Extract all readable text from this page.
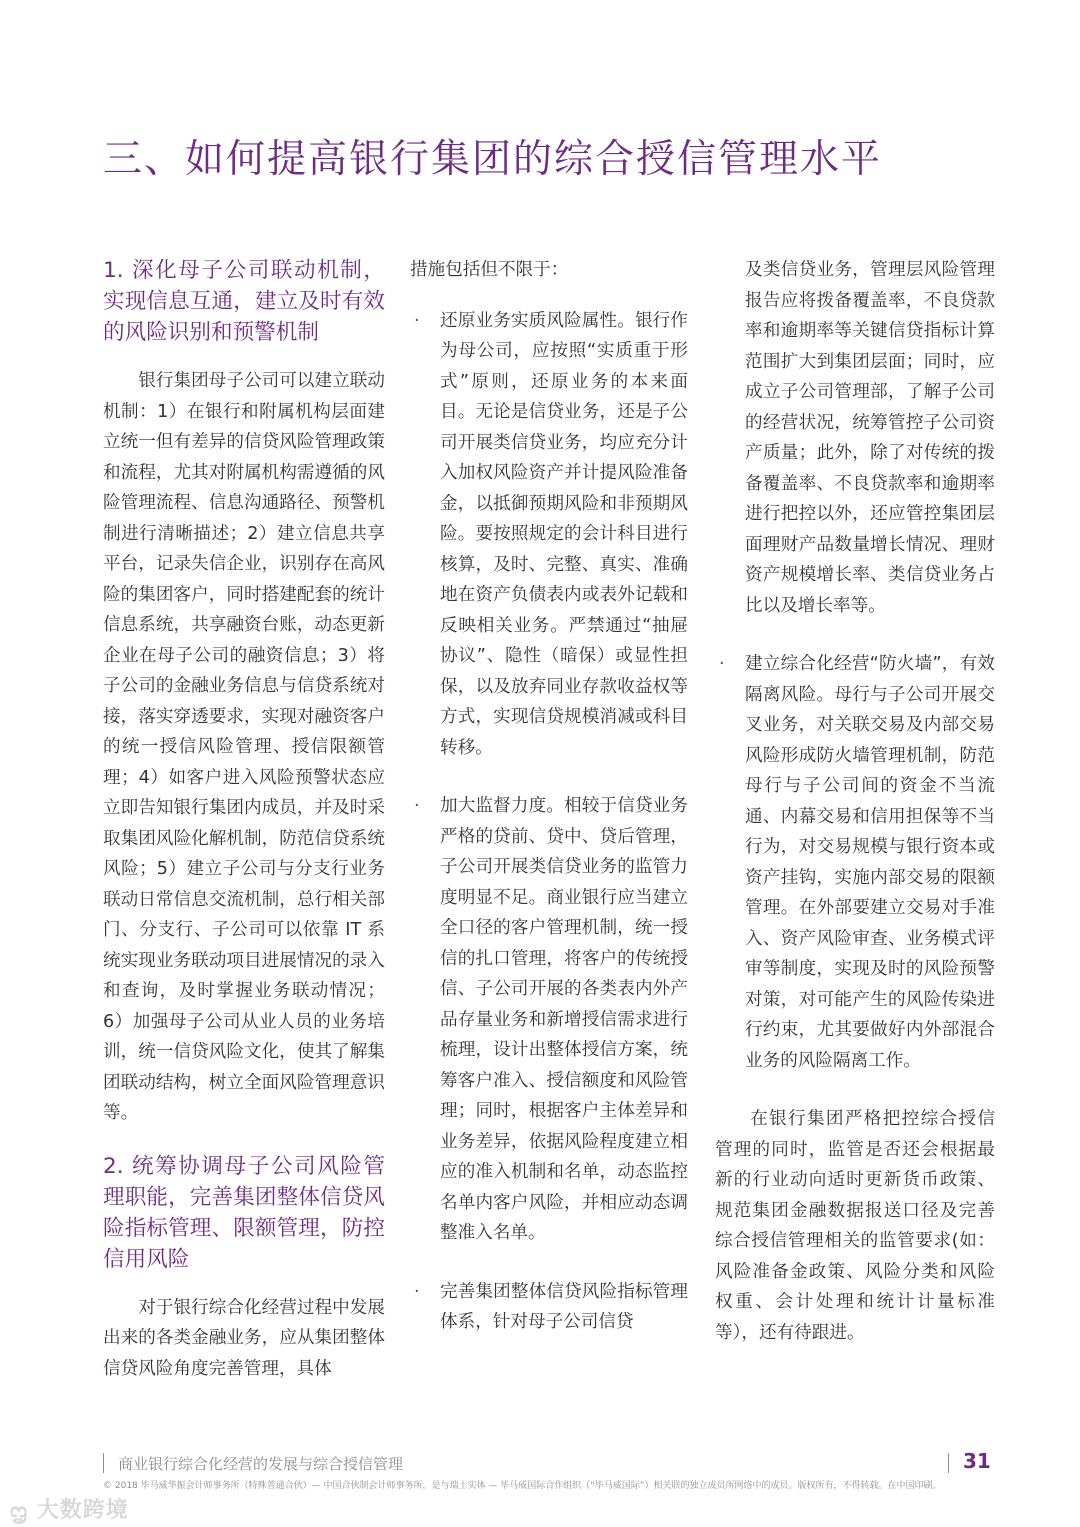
三、如何提高银行集团的综合授信管理水平
1. 深化母子公司联动机制，实现信息互通，建立及时有效的风险识别和预警机制

银行集团母子公司可以建立联动机制：1）在银行和附属机构层面建立统一但有差异的信贷风险管理政策和流程，尤其对附属机构需遵循的风险管理流程、信息沟通路径、预警机制进行清晰描述；2）建立信息共享平台，记录失信企业，识别存在高风险的集团客户，同时搭建配套的统计信息系统，共享融资台账，动态更新企业在母子公司的融资信息；3）将子公司的金融业务信息与信贷系统对接，落实穿透要求，实现对融资客户的统一授信风险管理、授信限额管理；4）如客户进入风险预警状态应立即告知银行集团内成员，并及时采取集团风险化解机制，防范信贷系统风险；5）建立子公司与分支行业务联动日常信息交流机制，总行相关部门、分支行、子公司可以依靠 IT 系统实现业务联动项目进展情况的录入和查询，及时掌握业务联动情况；6）加强母子公司从业人员的业务培训，统一信贷风险文化，使其了解集团联动结构，树立全面风险管理意识等。

2. 统筹协调母子公司风险管理职能，完善集团整体信贷风险指标管理、限额管理，防控信用风险

对于银行综合化经营过程中发展出来的各类金融业务，应从集团整体信贷风险角度完善管理，具体

措施包括但不限于：
· 还原业务实质风险属性。银行作为母公司，应按照“实质重于形式”原则，还原业务的本来面目。无论是信贷业务，还是子公司开展类信贷业务，均应充分计入加权风险资产并计提风险准备金，以抵御预期风险和非预期风险。要按照规定的会计科目进行核算，及时、完整、真实、准确地在资产负债表内或表外记载和反映相关业务。严禁通过“抽屉协议”、隐性（暗保）或显性担保，以及放弃同业存款收益权等方式，实现信贷规模消减或科目转移。
· 加大监督力度。相较于信贷业务严格的贷前、贷中、贷后管理，子公司开展类信贷业务的监管力度明显不足。商业银行应当建立全口径的客户管理机制，统一授信的扎口管理，将客户的传统授信、子公司开展的各类表内外产品存量业务和新增授信需求进行梳理，设计出整体授信方案，统筹客户准入、授信额度和风险管理；同时，根据客户主体差异和业务差异，依据风险程度建立相应的准入机制和名单，动态监控名单内客户风险，并相应动态调整准入名单。
· 完善集团整体信贷风险指标管理体系，针对母子公司信贷
及类信贷业务，管理层风险管理报告应将拨备覆盖率，不良贷款率和逾期率等关键信贷指标计算范围扩大到集团层面；同时，应成立子公司管理部，了解子公司的经营状况，统筹管控子公司资产质量；此外，除了对传统的拨备覆盖率、不良贷款率和逾期率进行把控以外，还应管控集团层面理财产品数量增长情况、理财资产规模增长率、类信贷业务占比以及增长率等。
· 建立综合化经营“防火墙”，有效隔离风险。母行与子公司开展交叉业务，对关联交易及内部交易风险形成防火墙管理机制，防范母行与子公司间的资金不当流通、内幕交易和信用担保等不当行为，对交易规模与银行资本或资产挂钩，实施内部交易的限额管理。在外部要建立交易对手准入、资产风险审查、业务模式评审等制度，实现及时的风险预警对策，对可能产生的风险传染进行约束，尤其要做好内外部混合业务的风险隔离工作。

在银行集团严格把控综合授信管理的同时，监管是否还会根据最新的行业动向适时更新货币政策、规范集团金融数据报送口径及完善综合授信管理相关的监管要求(如：风险准备金政策、风险分类和风险权重、会计处理和统计计量标准等），还有待跟进。

商业银行综合化经营的发展与综合授信管理	31
© 2018 毕马威华振会计师事务所（特殊普通合伙）— 中国合伙制会计师事务所，是与瑞士实体 — 毕马威国际合作组织（“毕马威国际”）相关联的独立成员所网络中的成员。版权所有，不得转载。在中国印刷。
ᦗ 大数跨境
